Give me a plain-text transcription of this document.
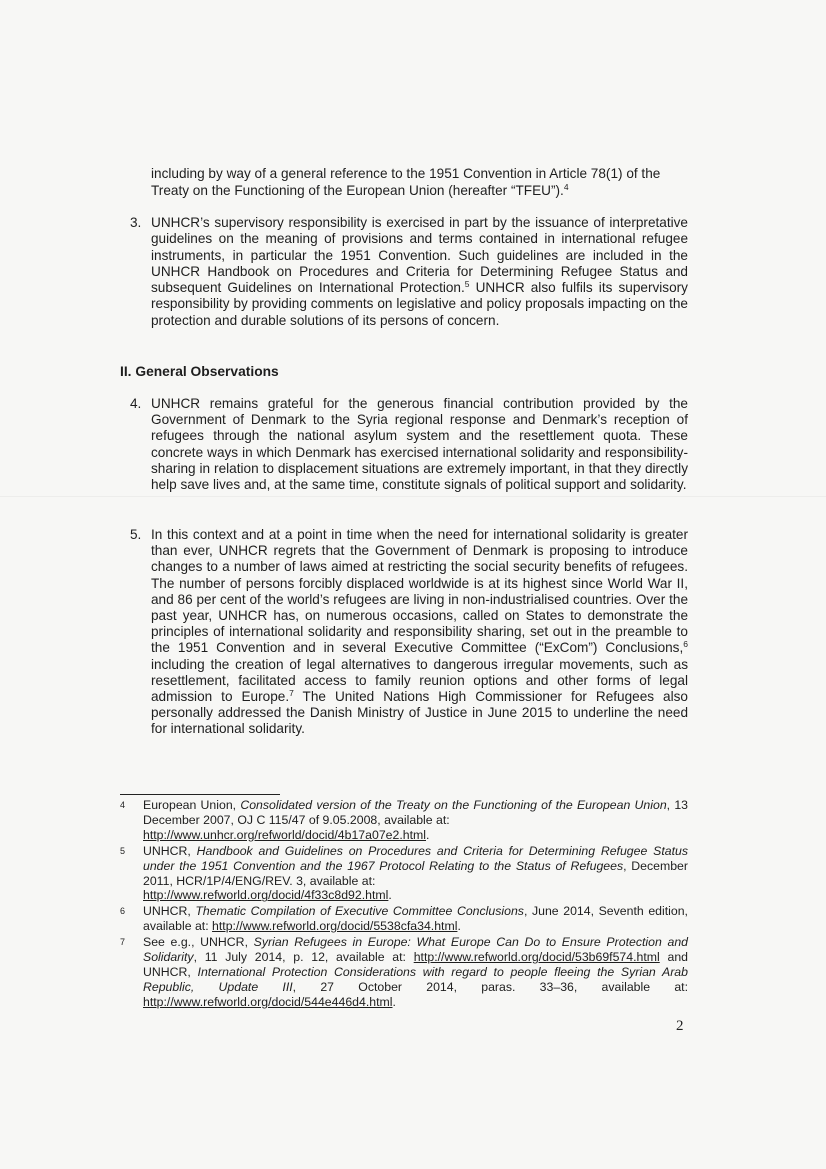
including by way of a general reference to the 1951 Convention in Article 78(1) of the Treaty on the Functioning of the European Union (hereafter “TFEU”).$^4$
3. UNHCR’s supervisory responsibility is exercised in part by the issuance of interpretative guidelines on the meaning of provisions and terms contained in international refugee instruments, in particular the 1951 Convention. Such guidelines are included in the UNHCR Handbook on Procedures and Criteria for Determining Refugee Status and subsequent Guidelines on International Protection.$^5$ UNHCR also fulfils its supervisory responsibility by providing comments on legislative and policy proposals impacting on the protection and durable solutions of its persons of concern.
II. General Observations
4. UNHCR remains grateful for the generous financial contribution provided by the Government of Denmark to the Syria regional response and Denmark’s reception of refugees through the national asylum system and the resettlement quota. These concrete ways in which Denmark has exercised international solidarity and responsibility-sharing in relation to displacement situations are extremely important, in that they directly help save lives and, at the same time, constitute signals of political support and solidarity.
5. In this context and at a point in time when the need for international solidarity is greater than ever, UNHCR regrets that the Government of Denmark is proposing to introduce changes to a number of laws aimed at restricting the social security benefits of refugees. The number of persons forcibly displaced worldwide is at its highest since World War II, and 86 per cent of the world’s refugees are living in non-industrialised countries. Over the past year, UNHCR has, on numerous occasions, called on States to demonstrate the principles of international solidarity and responsibility sharing, set out in the preamble to the 1951 Convention and in several Executive Committee (“ExCom”) Conclusions,$^6$ including the creation of legal alternatives to dangerous irregular movements, such as resettlement, facilitated access to family reunion options and other forms of legal admission to Europe.$^7$ The United Nations High Commissioner for Refugees also personally addressed the Danish Ministry of Justice in June 2015 to underline the need for international solidarity.
4 European Union, Consolidated version of the Treaty on the Functioning of the European Union, 13 December 2007, OJ C 115/47 of 9.05.2008, available at:
http://www.unhcr.org/refworld/docid/4b17a07e2.html.
5 UNHCR, Handbook and Guidelines on Procedures and Criteria for Determining Refugee Status under the 1951 Convention and the 1967 Protocol Relating to the Status of Refugees, December 2011, HCR/1P/4/ENG/REV. 3, available at:
http://www.refworld.org/docid/4f33c8d92.html.
6 UNHCR, Thematic Compilation of Executive Committee Conclusions, June 2014, Seventh edition, available at: http://www.refworld.org/docid/5538cfa34.html.
7 See e.g., UNHCR, Syrian Refugees in Europe: What Europe Can Do to Ensure Protection and Solidarity, 11 July 2014, p. 12, available at: http://www.refworld.org/docid/53b69f574.html and UNHCR, International Protection Considerations with regard to people fleeing the Syrian Arab Republic, Update III, 27 October 2014, paras. 33–36, available at: http://www.refworld.org/docid/544e446d4.html.
2
